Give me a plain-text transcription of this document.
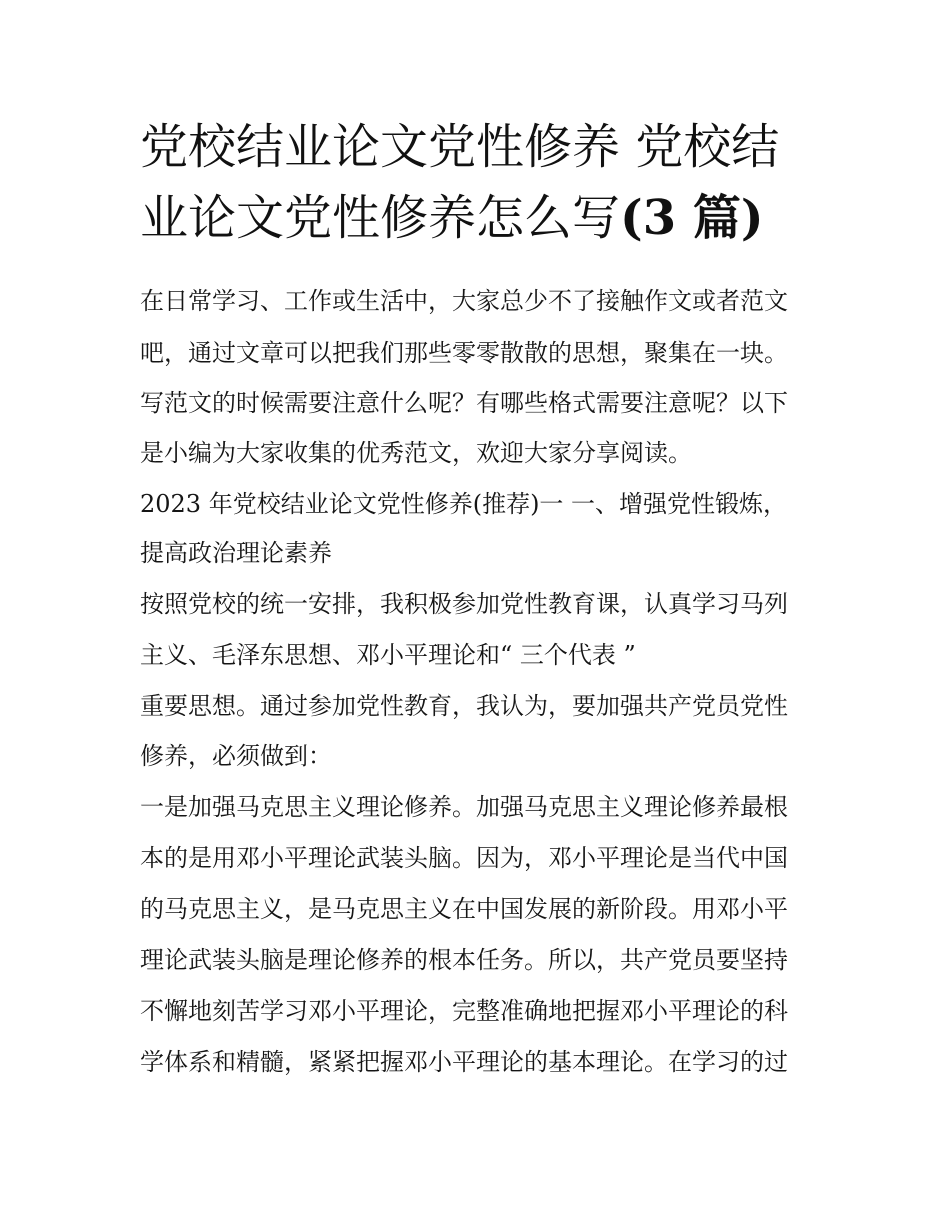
党校结业论文党性修养 党校结
业论文党性修养怎么写(3 篇)
在日常学习、工作或生活中，大家总少不了接触作文或者范文
吧，通过文章可以把我们那些零零散散的思想，聚集在一块。
写范文的时候需要注意什么呢？有哪些格式需要注意呢？以下
是小编为大家收集的优秀范文，欢迎大家分享阅读。
2023 年党校结业论文党性修养(推荐)一 一、增强党性锻炼，
提高政治理论素养
按照党校的统一安排，我积极参加党性教育课，认真学习马列
主义、毛泽东思想、邓小平理论和“ 三个代表 ”
重要思想。通过参加党性教育，我认为，要加强共产党员党性
修养，必须做到：
一是加强马克思主义理论修养。加强马克思主义理论修养最根
本的是用邓小平理论武装头脑。因为，邓小平理论是当代中国
的马克思主义，是马克思主义在中国发展的新阶段。用邓小平
理论武装头脑是理论修养的根本任务。所以，共产党员要坚持
不懈地刻苦学习邓小平理论，完整准确地把握邓小平理论的科
学体系和精髓，紧紧把握邓小平理论的基本理论。在学习的过
